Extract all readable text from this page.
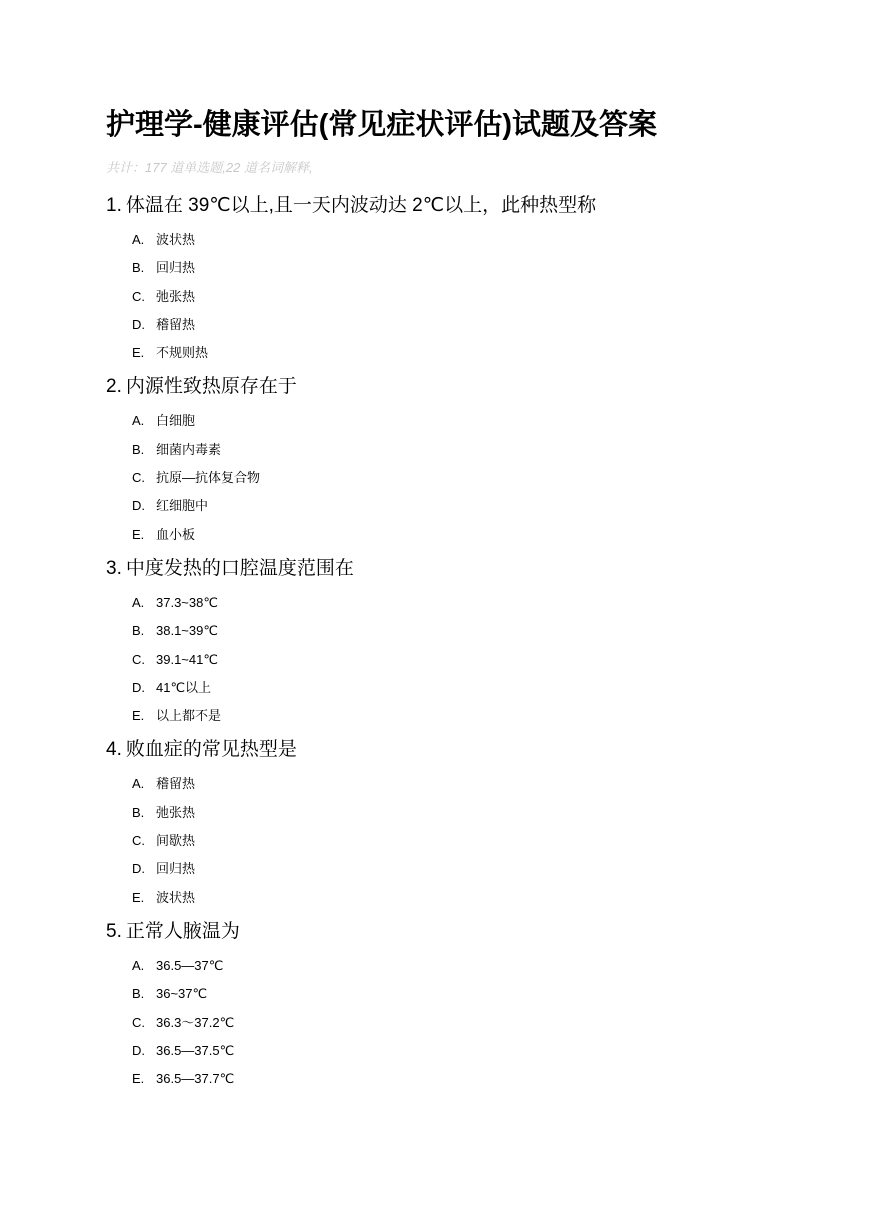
护理学-健康评估(常见症状评估)试题及答案
共计：177 道单选题,22 道名词解释,
1. 体温在 39℃以上,且一天内波动达 2℃以上，此种热型称
A. 波状热
B. 回归热
C. 弛张热
D. 稽留热
E. 不规则热
2. 内源性致热原存在于
A. 白细胞
B. 细菌内毒素
C. 抗原—抗体复合物
D. 红细胞中
E. 血小板
3. 中度发热的口腔温度范围在
A. 37.3~38℃
B. 38.1~39℃
C. 39.1~41℃
D. 41℃以上
E. 以上都不是
4. 败血症的常见热型是
A. 稽留热
B. 弛张热
C. 间歇热
D. 回归热
E. 波状热
5. 正常人腋温为
A. 36.5—37℃
B. 36~37℃
C. 36.3～37.2℃
D. 36.5—37.5℃
E. 36.5—37.7℃
